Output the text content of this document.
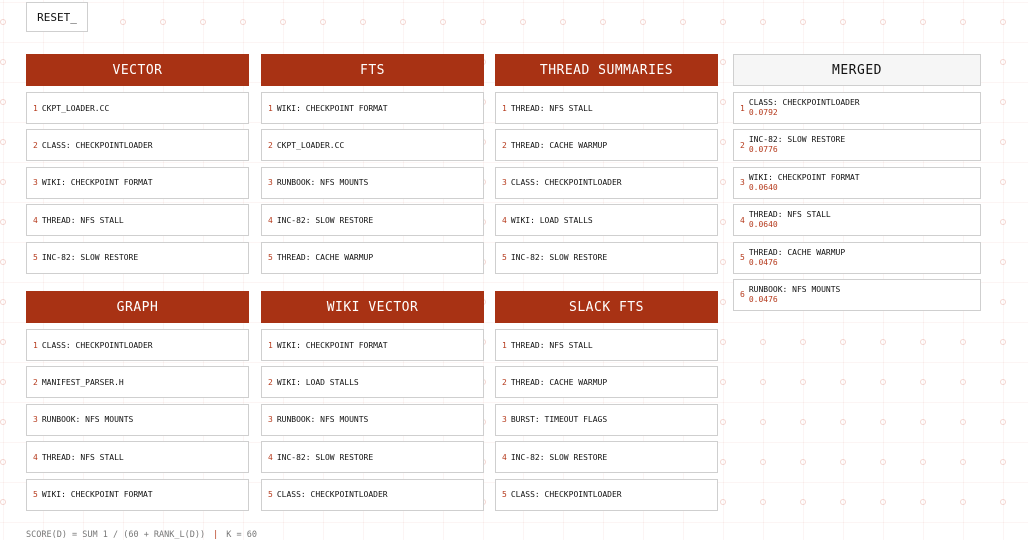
RESET_
VECTOR
1 CKPT_LOADER.CC
2 CLASS: CHECKPOINTLOADER
3 WIKI: CHECKPOINT FORMAT
4 THREAD: NFS STALL
5 INC-82: SLOW RESTORE
FTS
1 WIKI: CHECKPOINT FORMAT
2 CKPT_LOADER.CC
3 RUNBOOK: NFS MOUNTS
4 INC-82: SLOW RESTORE
5 THREAD: CACHE WARMUP
THREAD SUMMARIES
1 THREAD: NFS STALL
2 THREAD: CACHE WARMUP
3 CLASS: CHECKPOINTLOADER
4 WIKI: LOAD STALLS
5 INC-82: SLOW RESTORE
GRAPH
1 CLASS: CHECKPOINTLOADER
2 MANIFEST_PARSER.H
3 RUNBOOK: NFS MOUNTS
4 THREAD: NFS STALL
5 WIKI: CHECKPOINT FORMAT
WIKI VECTOR
1 WIKI: CHECKPOINT FORMAT
2 WIKI: LOAD STALLS
3 RUNBOOK: NFS MOUNTS
4 INC-82: SLOW RESTORE
5 CLASS: CHECKPOINTLOADER
SLACK FTS
1 THREAD: NFS STALL
2 THREAD: CACHE WARMUP
3 BURST: TIMEOUT FLAGS
4 INC-82: SLOW RESTORE
5 CLASS: CHECKPOINTLOADER
MERGED
1
CLASS: CHECKPOINTLOADER
0.0792
2
INC-82: SLOW RESTORE
0.0776
3
WIKI: CHECKPOINT FORMAT
0.0640
4
THREAD: NFS STALL
0.0640
5
THREAD: CACHE WARMUP
0.0476
6
RUNBOOK: NFS MOUNTS
0.0476
SCORE(D) = SUM 1 / (60 + RANK_L(D)) | K = 60
